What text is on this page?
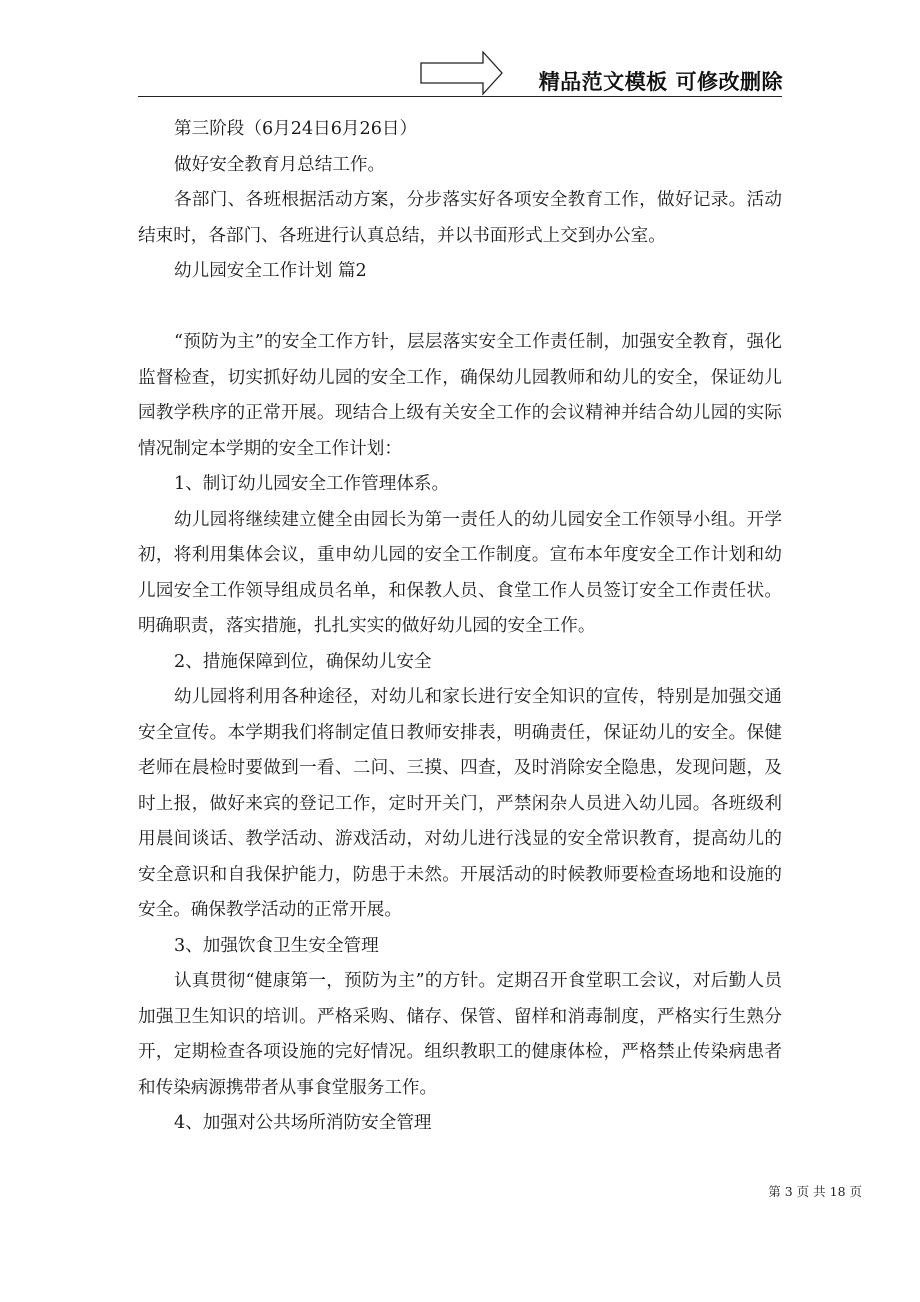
精品范文模板 可修改删除

第三阶段（6月24日6月26日）

做好安全教育月总结工作。

各部门、各班根据活动方案，分步落实好各项安全教育工作，做好记录。活动结束时，各部门、各班进行认真总结，并以书面形式上交到办公室。

幼儿园安全工作计划 篇2

“预防为主”的安全工作方针，层层落实安全工作责任制，加强安全教育，强化监督检查，切实抓好幼儿园的安全工作，确保幼儿园教师和幼儿的安全，保证幼儿园教学秩序的正常开展。现结合上级有关安全工作的会议精神并结合幼儿园的实际情况制定本学期的安全工作计划：

1、制订幼儿园安全工作管理体系。

幼儿园将继续建立健全由园长为第一责任人的幼儿园安全工作领导小组。开学初，将利用集体会议，重申幼儿园的安全工作制度。宣布本年度安全工作计划和幼儿园安全工作领导组成员名单，和保教人员、食堂工作人员签订安全工作责任状。明确职责，落实措施，扎扎实实的做好幼儿园的安全工作。

2、措施保障到位，确保幼儿安全

幼儿园将利用各种途径，对幼儿和家长进行安全知识的宣传，特别是加强交通安全宣传。本学期我们将制定值日教师安排表，明确责任，保证幼儿的安全。保健老师在晨检时要做到一看、二问、三摸、四查，及时消除安全隐患，发现问题，及时上报，做好来宾的登记工作，定时开关门，严禁闲杂人员进入幼儿园。各班级利用晨间谈话、教学活动、游戏活动，对幼儿进行浅显的安全常识教育，提高幼儿的安全意识和自我保护能力，防患于未然。开展活动的时候教师要检查场地和设施的安全。确保教学活动的正常开展。

3、加强饮食卫生安全管理

认真贯彻“健康第一，预防为主”的方针。定期召开食堂职工会议，对后勤人员加强卫生知识的培训。严格采购、储存、保管、留样和消毒制度，严格实行生熟分开，定期检查各项设施的完好情况。组织教职工的健康体检，严格禁止传染病患者和传染病源携带者从事食堂服务工作。

4、加强对公共场所消防安全管理

第 3 页 共 18 页
